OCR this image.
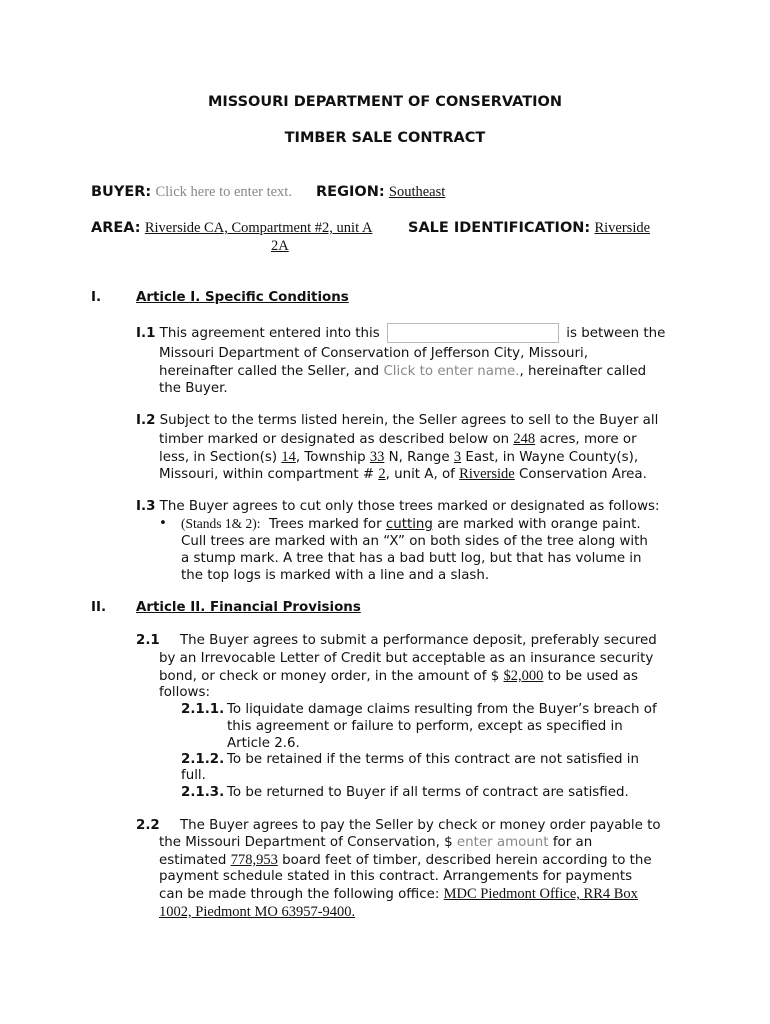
MISSOURI DEPARTMENT OF CONSERVATION
TIMBER SALE CONTRACT
BUYER: Click here to enter text. REGION: Southeast
AREA: Riverside CA, Compartment #2, unit A
2A
SALE IDENTIFICATION: Riverside
I.	Article I. Specific Conditions
I.1 This agreement entered into this	is between the
Missouri Department of Conservation of Jefferson City, Missouri,
hereinafter called the Seller, and Click to enter name., hereinafter called
the Buyer.
I.2 Subject to the terms listed herein, the Seller agrees to sell to the Buyer all
timber marked or designated as described below on 248 acres, more or
less, in Section(s) 14, Township 33 N, Range 3 East, in Wayne County(s),
Missouri, within compartment # 2, unit A, of Riverside Conservation Area.
I.3 The Buyer agrees to cut only those trees marked or designated as follows:
• (Stands 1& 2): Trees marked for cutting are marked with orange paint.
Cull trees are marked with an “X” on both sides of the tree along with
a stump mark. A tree that has a bad butt log, but that has volume in
the top logs is marked with a line and a slash.
II. Article II. Financial Provisions
2.1 The Buyer agrees to submit a performance deposit, preferably secured
by an Irrevocable Letter of Credit but acceptable as an insurance security
bond, or check or money order, in the amount of $ $2,000 to be used as
follows:
2.1.1. To liquidate damage claims resulting from the Buyer’s breach of
this agreement or failure to perform, except as specified in
Article 2.6.
2.1.2. To be retained if the terms of this contract are not satisfied in
full.
2.1.3. To be returned to Buyer if all terms of contract are satisfied.
2.2 The Buyer agrees to pay the Seller by check or money order payable to
the Missouri Department of Conservation, $ enter amount for an
estimated 778,953 board feet of timber, described herein according to the
payment schedule stated in this contract. Arrangements for payments
can be made through the following office: MDC Piedmont Office, RR4 Box
1002, Piedmont MO 63957-9400.
